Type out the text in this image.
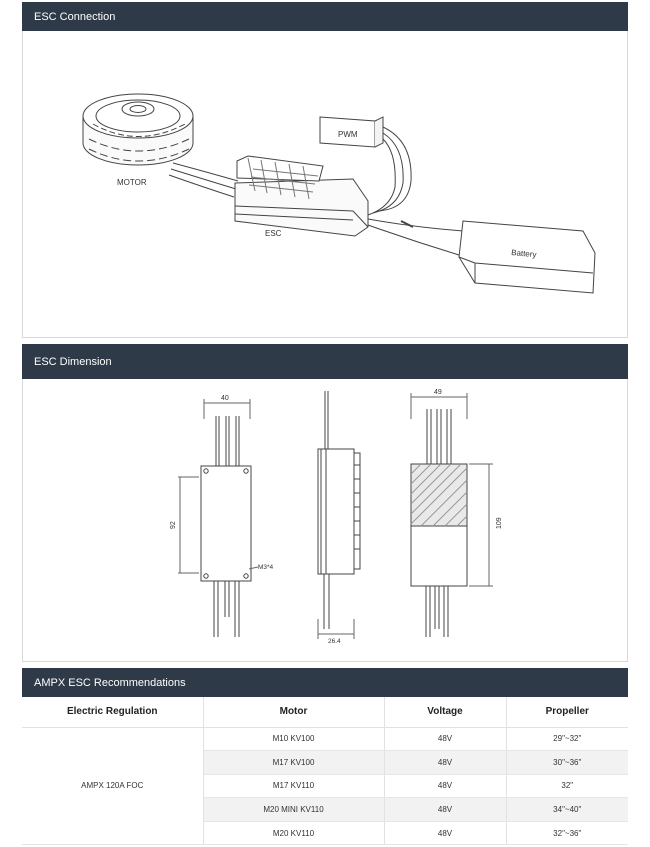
ESC Connection
MOTOR
ESC
PWM
Battery
ESC Dimension
40
92
M3*4
26.4
49
109
AMPX ESC Recommendations
Electric Regulation	Motor	Voltage	Propeller
AMPX 120A FOC	M10 KV100	48V	29"~32"
	M17 KV100	48V	30"~36"
	M17 KV110	48V	32"
	M20 MINI KV110	48V	34"~40"
	M20 KV110	48V	32"~36"
